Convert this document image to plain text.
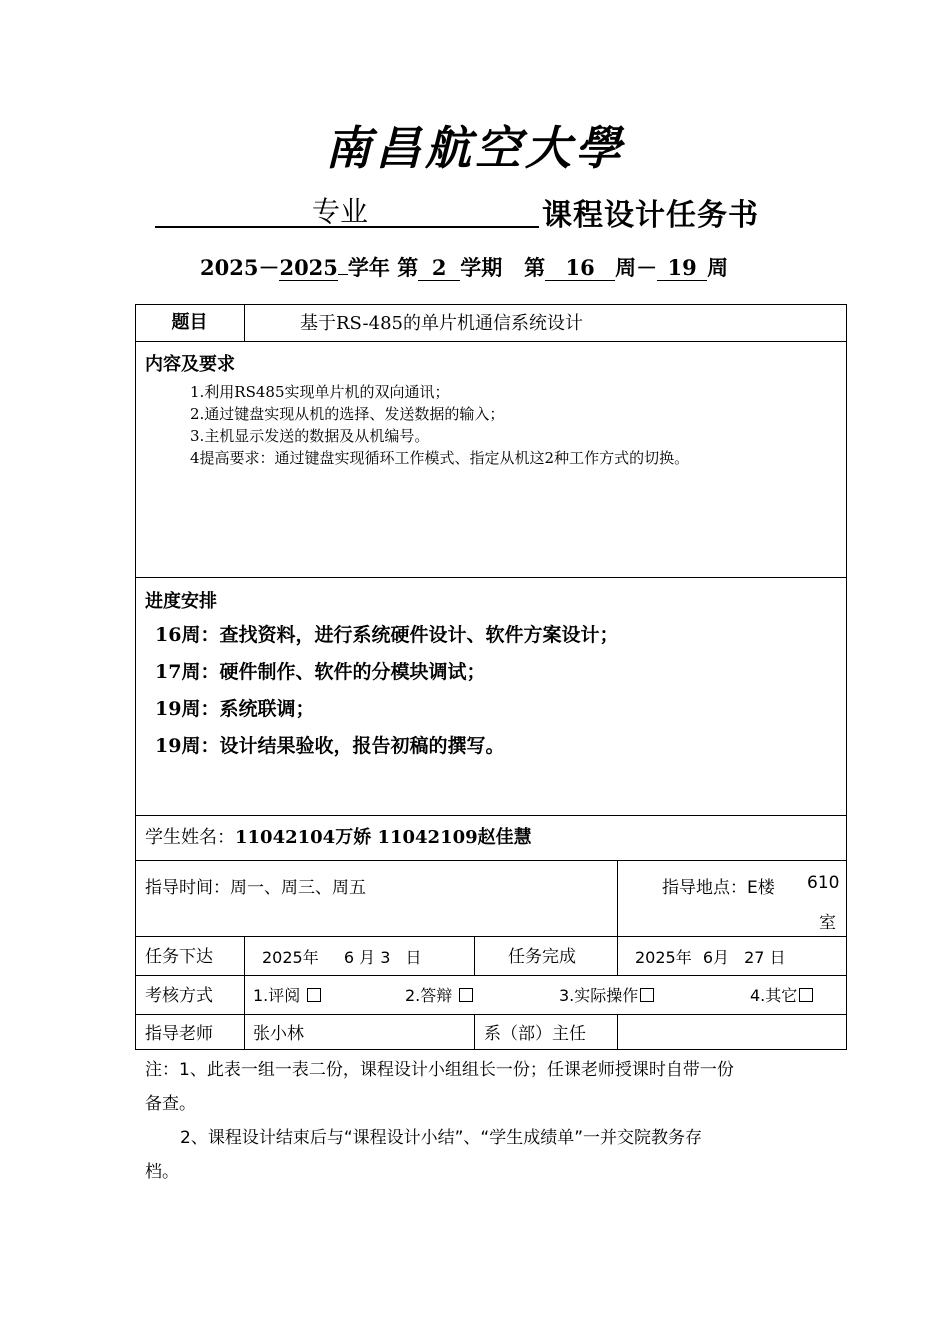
南昌航空大學
专业	课程设计任务书
2025－2025 学年 第 2 学期 第 16 周－ 19 周
题目	基于RS-485的单片机通信系统设计
内容及要求

1.利用RS485实现单片机的双向通讯；

2.通过键盘实现从机的选择、发送数据的输入；

3.主机显示发送的数据及从机编号。

4提高要求：通过键盘实现循环工作模式、指定从机这2种工作方式的切换。

进度安排

16周：查找资料，进行系统硬件设计、软件方案设计；

17周：硬件制作、软件的分模块调试；

19周：系统联调；

19周：设计结果验收，报告初稿的撰写。

学生姓名：11042104万娇 11042109赵佳慧
指导时间：周一、周三、周五	指导地点：E楼 610
室
任务下达	2025年 6 月 3 日	任务完成	2025年 6月 27 日
考核方式	1.评阅	2.答辩	3.实际操作	4.其它
指导老师 张小林	系（部）主任

注：1、此表一组一表二份，课程设计小组组长一份；任课老师授课时自带一份

备查。

2、课程设计结束后与“课程设计小结”、“学生成绩单”一并交院教务存

档。
